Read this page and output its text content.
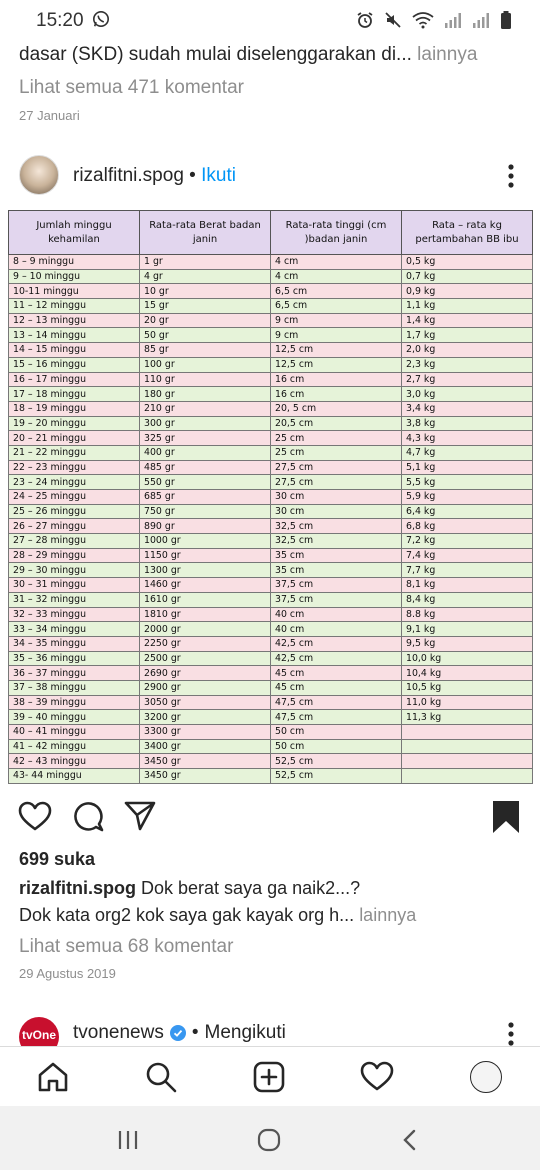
15:20
dasar (SKD) sudah mulai diselenggarakan di... lainnya
Lihat semua 471 komentar
27 Januari
rizalfitni.spog • Ikuti
Jumlah minggu kehamilan	Rata-rata Berat badan janin	Rata-rata tinggi (cm )badan janin	Rata – rata kg pertambahan BB ibu
8 – 9 minggu	1 gr	4 cm	0,5 kg
9 – 10 minggu	4 gr	4 cm	0,7 kg
10-11 minggu	10 gr	6,5 cm	0,9 kg
11 – 12 minggu	15 gr	6,5 cm	1,1 kg
12 – 13 minggu	20 gr	9 cm	1,4 kg
13 – 14 minggu	50 gr	9 cm	1,7 kg
14 – 15 minggu	85 gr	12,5 cm	2,0 kg
15 – 16 minggu	100 gr	12,5 cm	2,3 kg
16 – 17 minggu	110 gr	16 cm	2,7 kg
17 – 18 minggu	180 gr	16 cm	3,0 kg
18 – 19 minggu	210 gr	20, 5 cm	3,4 kg
19 – 20 minggu	300 gr	20,5 cm	3,8 kg
20 – 21 minggu	325 gr	25 cm	4,3 kg
21 – 22 minggu	400 gr	25 cm	4,7 kg
22 – 23 minggu	485 gr	27,5 cm	5,1 kg
23 – 24 minggu	550 gr	27,5 cm	5,5 kg
24 – 25 minggu	685 gr	30 cm	5,9 kg
25 – 26 minggu	750 gr	30 cm	6,4 kg
26 – 27 minggu	890 gr	32,5 cm	6,8 kg
27 – 28 minggu	1000 gr	32,5 cm	7,2 kg
28 – 29 minggu	1150 gr	35 cm	7,4 kg
29 – 30 minggu	1300 gr	35 cm	7,7 kg
30 – 31 minggu	1460 gr	37,5 cm	8,1 kg
31 – 32 minggu	1610 gr	37,5 cm	8,4 kg
32 – 33 minggu	1810 gr	40 cm	8.8 kg
33 – 34 minggu	2000 gr	40 cm	9,1 kg
34 – 35 minggu	2250 gr	42,5 cm	9,5 kg
35 – 36 minggu	2500 gr	42,5 cm	10,0 kg
36 – 37 minggu	2690 gr	45 cm	10,4 kg
37 – 38 minggu	2900 gr	45 cm	10,5 kg
38 – 39 minggu	3050 gr	47,5 cm	11,0 kg
39 – 40 minggu	3200 gr	47,5 cm	11,3 kg
40 – 41 minggu	3300 gr	50 cm	
41 – 42 minggu	3400 gr	50 cm	
42 – 43 minggu	3450 gr	52,5 cm	
43- 44 minggu	3450 gr	52,5 cm	
699 suka
rizalfitni.spog Dok berat saya ga naik2...?
Dok kata org2 kok saya gak kayak org h... lainnya
Lihat semua 68 komentar
29 Agustus 2019
tvOne tvonenews • Mengikuti
